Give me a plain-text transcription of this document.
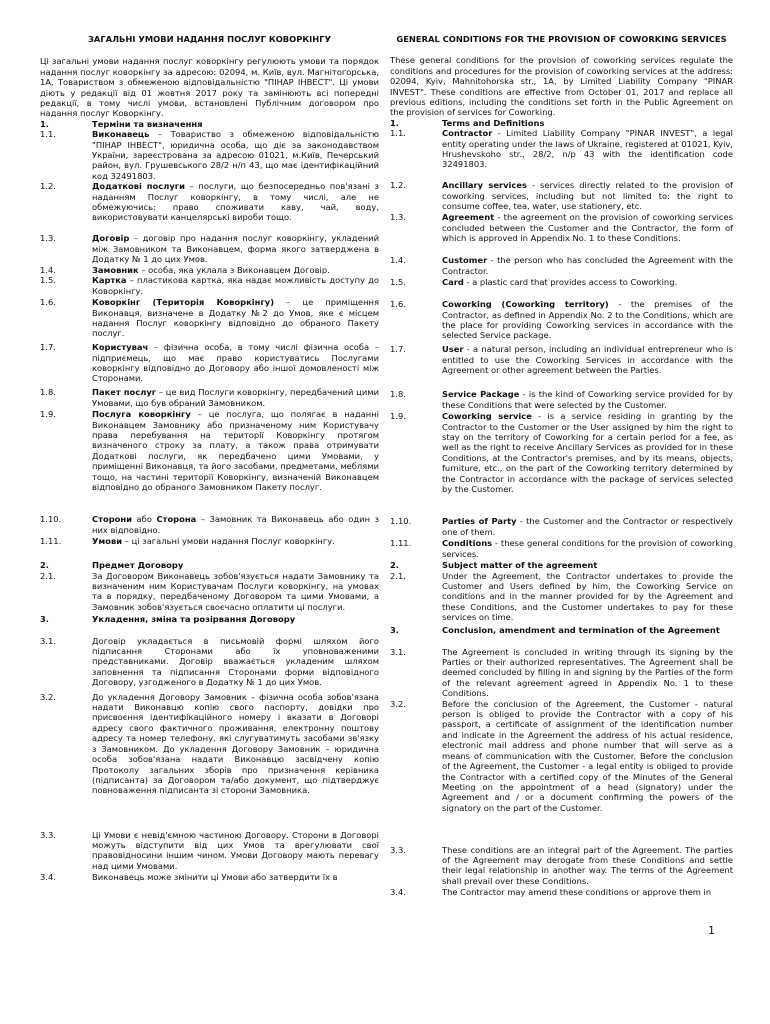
ЗАГАЛЬНІ УМОВИ НАДАННЯ ПОСЛУГ КОВОРКІНГУ

Ці загальні умови надання послуг коворкінгу регулюють умови та порядок надання послуг коворкінгу за адресою: 02094, м. Київ, вул. Магнітогорська, 1А, Товариством з обмеженою відповідальністю "ПІНАР ІНВЕСТ". Ці умови діють у редакції від 01 жовтня 2017 року та замінюють всі попередні редакції, в тому числі умови, встановлені Публічним договором про надання послуг Коворкінгу.

1.	Терміни та визначення
1.1.	Виконавець – Товариство з обмеженою відповідальністю "ПІНАР ІНВЕСТ", юридична особа, що діє за законодавством України, зареєстрована за адресою 01021, м.Київ, Печерський район, вул. Грушевського 28/2 н/п 43, що має ідентифікаційний код 32491803.
1.2.	Додаткові послуги – послуги, що безпосередньо пов'язані з наданням Послуг коворкінгу, в тому числі, але не обмежуючись: право споживати каву, чай, воду, використовувати канцелярські вироби тощо.
1.3.	Договір – договір про надання послуг коворкінгу, укладений між Замовником та Виконавцем, форма якого затверджена в Додатку № 1 до цих Умов.
1.4.	Замовник – особа, яка уклала з Виконавцем Договір.
1.5.	Картка – пластикова картка, яка надає можливість доступу до Коворкінгу.
1.6.	Коворкінг (Територія Коворкінгу) – це приміщення Виконавця, визначене в Додатку №2 до Умов, яке є місцем надання Послуг коворкінгу відповідно до обраного Пакету послуг.
1.7.	Користувач – фізична особа, в тому числі фізична особа – підприємець, що має право користуватись Послугами коворкінгу відповідно до Договору або іншої домовленості між Сторонами.
1.8.	Пакет послуг – це вид Послуги коворкінгу, передбачений цими Умовами, що був обраний Замовником.
1.9.	Послуга коворкінгу – це послуга, що полягає в наданні Виконавцем Замовнику або призначеному ним Користувачу права перебування на території Коворкінгу протягом визначеного строку за плату, а також права отримувати Додаткові послуги, як передбачено цими Умовами, у приміщенні Виконавця, та його засобами, предметами, меблями тощо, на частині території Коворкінгу, визначеній Виконавцем відповідно до обраного Замовником Пакету послуг.
1.10.	Сторони або Сторона – Замовник та Виконавець або один з них відповідно.
1.11.	Умови – ці загальні умови надання Послуг коворкінгу.
2.	Предмет Договору
2.1.	За Договором Виконавець зобов'язується надати Замовнику та визначеним ним Користувачам Послуги коворкінгу, на умовах та в порядку, передбаченому Договором та цими Умовами, а Замовник зобов'язується своєчасно оплатити ці послуги.
3.	Укладення, зміна та розірвання Договору
3.1.	Договір укладається в письмовій формі шляхом його підписання Сторонами або їх уповноваженими представниками. Договір вважається укладеним шляхом заповнення та підписання Сторонами форми відповідного Договору, узгодженого в Додатку № 1 до цих Умов.
3.2.	До укладення Договору Замовник – фізична особа зобов'язана надати Виконавцю копію свого паспорту, довідки про присвоєння ідентифікаційного номеру і вказати в Договорі адресу свого фактичного проживання, електронну поштову адресу та номер телефону, які слугуватимуть засобами зв'язку з Замовником. До укладення Договору Замовник – юридична особа зобов'язана надати Виконавцю засвідчену копію Протоколу загальних зборів про призначення керівника (підписанта) за Договором та/або документ, що підтверджує повноваження підписанта зі сторони Замовника.
3.3.	Ці Умови є невід'ємною частиною Договору. Сторони в Договорі можуть відступити від цих Умов та врегулювати свої правовідносини іншим чином. Умови Договору мають перевагу над цими Умовами.
3.4.	Виконавець може змінити ці Умови або затвердити їх в
GENERAL CONDITIONS FOR THE PROVISION OF COWORKING SERVICES

These general conditions for the provision of coworking services regulate the conditions and procedures for the provision of coworking services at the address: 02094, Kyiv, Mahnitohorska str., 1A, by Limited Liability Company "PINAR INVEST". These conditions are effective from October 01, 2017 and replace all previous editions, including the conditions set forth in the Public Agreement on the provision of services for Coworking.

1.	Terms and Definitions
1.1.	Contractor - Limited Liability Company "PINAR INVEST", a legal entity operating under the laws of Ukraine, registered at 01021, Kyiv, Hrushevskoho str., 28/2, n/p 43 with the identification code 32491803.
1.2.	Ancillary services - services directly related to the provision of coworking services, including but not limited to: the right to consume coffee, tea, water, use stationery, etc.
1.3.	Agreement - the agreement on the provision of coworking services concluded between the Customer and the Contractor, the form of which is approved in Appendix No. 1 to these Conditions.
1.4.	Customer - the person who has concluded the Agreement with the Contractor.
1.5.	Card - a plastic card that provides access to Coworking.
1.6.	Coworking (Coworking territory) - the premises of the Contractor, as defined in Appendix No. 2 to the Conditions, which are the place for providing Coworking services in accordance with the selected Service package.
1.7.	User - a natural person, including an individual entrepreneur who is entitled to use the Coworking Services in accordance with the Agreement or other agreement between the Parties.
1.8.	Service Package - is the kind of Coworking service provided for by these Conditions that were selected by the Customer.
1.9.	Coworking service - is a service residing in granting by the Contractor to the Customer or the User assigned by him the right to stay on the territory of Coworking for a certain period for a fee, as well as the right to receive Ancillary Services as provided for in these Conditions, at the Contractor's premises, and by its means, objects, furniture, etc., on the part of the Coworking territory determined by the Contractor in accordance with the package of services selected by the Customer.
1.10.	Parties of Party - the Customer and the Contractor or respectively one of them.
1.11.	Conditions - these general conditions for the provision of coworking services.
2.	Subject matter of the agreement
2.1.	Under the Agreement, the Contractor undertakes to provide the Customer and Users defined by him, the Coworking Service on conditions and in the manner provided for by the Agreement and these Conditions, and the Customer undertakes to pay for these services on time.
3.	Conclusion, amendment and termination of the Agreement
3.1.	The Agreement is concluded in writing through its signing by the Parties or their authorized representatives. The Agreement shall be deemed concluded by filling in and signing by the Parties of the form of the relevant agreement agreed in Appendix No. 1 to these Conditions.
3.2.	Before the conclusion of the Agreement, the Customer - natural person is obliged to provide the Contractor with a copy of his passport, a certificate of assignment of the identification number and indicate in the Agreement the address of his actual residence, electronic mail address and phone number that will serve as a means of communication with the Customer. Before the conclusion of the Agreement, the Customer - a legal entity is obliged to provide the Contractor with a certified copy of the Minutes of the General Meeting on the appointment of a head (signatory) under the Agreement and / or a document confirming the powers of the signatory on the part of the Customer.
3.3.	These conditions are an integral part of the Agreement. The parties of the Agreement may derogate from these Conditions and settle their legal relationship in another way. The terms of the Agreement shall prevail over these Conditions.
3.4.	The Contractor may amend these conditions or approve them in
1
